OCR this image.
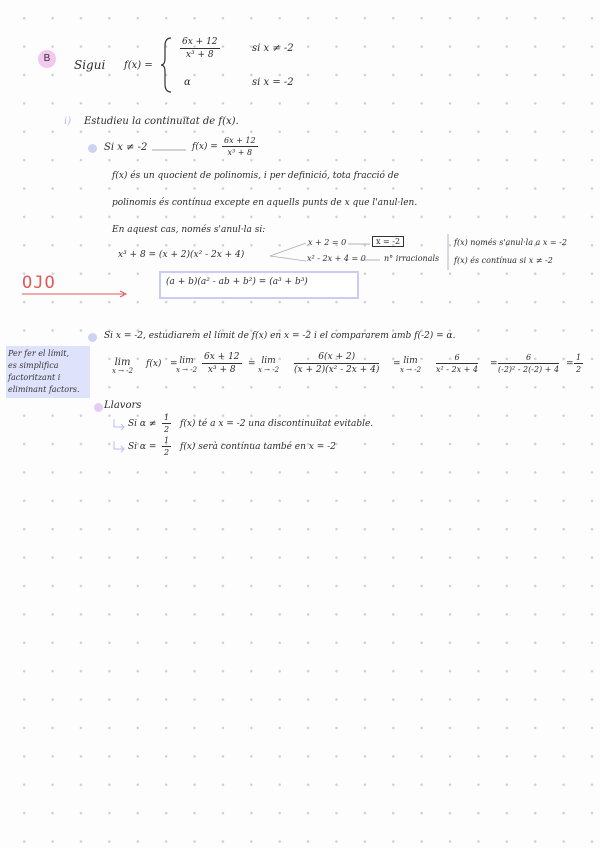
B	Sigui f(x) =
$\frac{6x + 12}{\text{x³ + 8}}$	si x ≠ -2
α	si x = -2
i) Estudieu la continuïtat de f(x).
Si x ≠ -2	$f(x) = \frac{6x + 12}{\text{x³ + 8}}$
f(x) és un quocient de polinomis, i per definició, tota fracció de
polinomis és contínua excepte en aquells punts de x que l'anul·len.
En aquest cas, només s'anul·la si:
x³ + 8 = (x + 2)(x² - 2x + 4)
x + 2 = 0	x = -2
x² - 2x + 4 = 0 n° irracionals
f(x) només s'anul·la a x = -2
f(x) és contínua si x ≠ -2
OJO	(a + b)(a² - ab + b²) = (a³ + b³)
Per fer el límit,
es simplifica
factoritzant i
eliminant factors.
Si x = -2, estudiarem el límit de f(x) en x = -2 i el compararem amb f(-2) = α.
lim
x → -2
f(x) = lim
$x \to -2 \frac{6x + 12}{\text{x³ + 8}} = \lim$
$x \to -2 \frac{6(x + 2)}{\text{(x + 2)(x² - 2x + 4)}} = \lim$
$x \to -2 \frac{6}{\text{x² - 2x + 4}} = \frac{6}{\text{(-2)² - 2(-2) + 4}} = \frac{1}{2}$
Llavors
Si $\alpha \ne \frac{1}{2} f(x)$ té a x = -2 una discontinuïtat evitable.
Si $\alpha = \frac{1}{2} f(x)$ serà contínua també en x = -2
